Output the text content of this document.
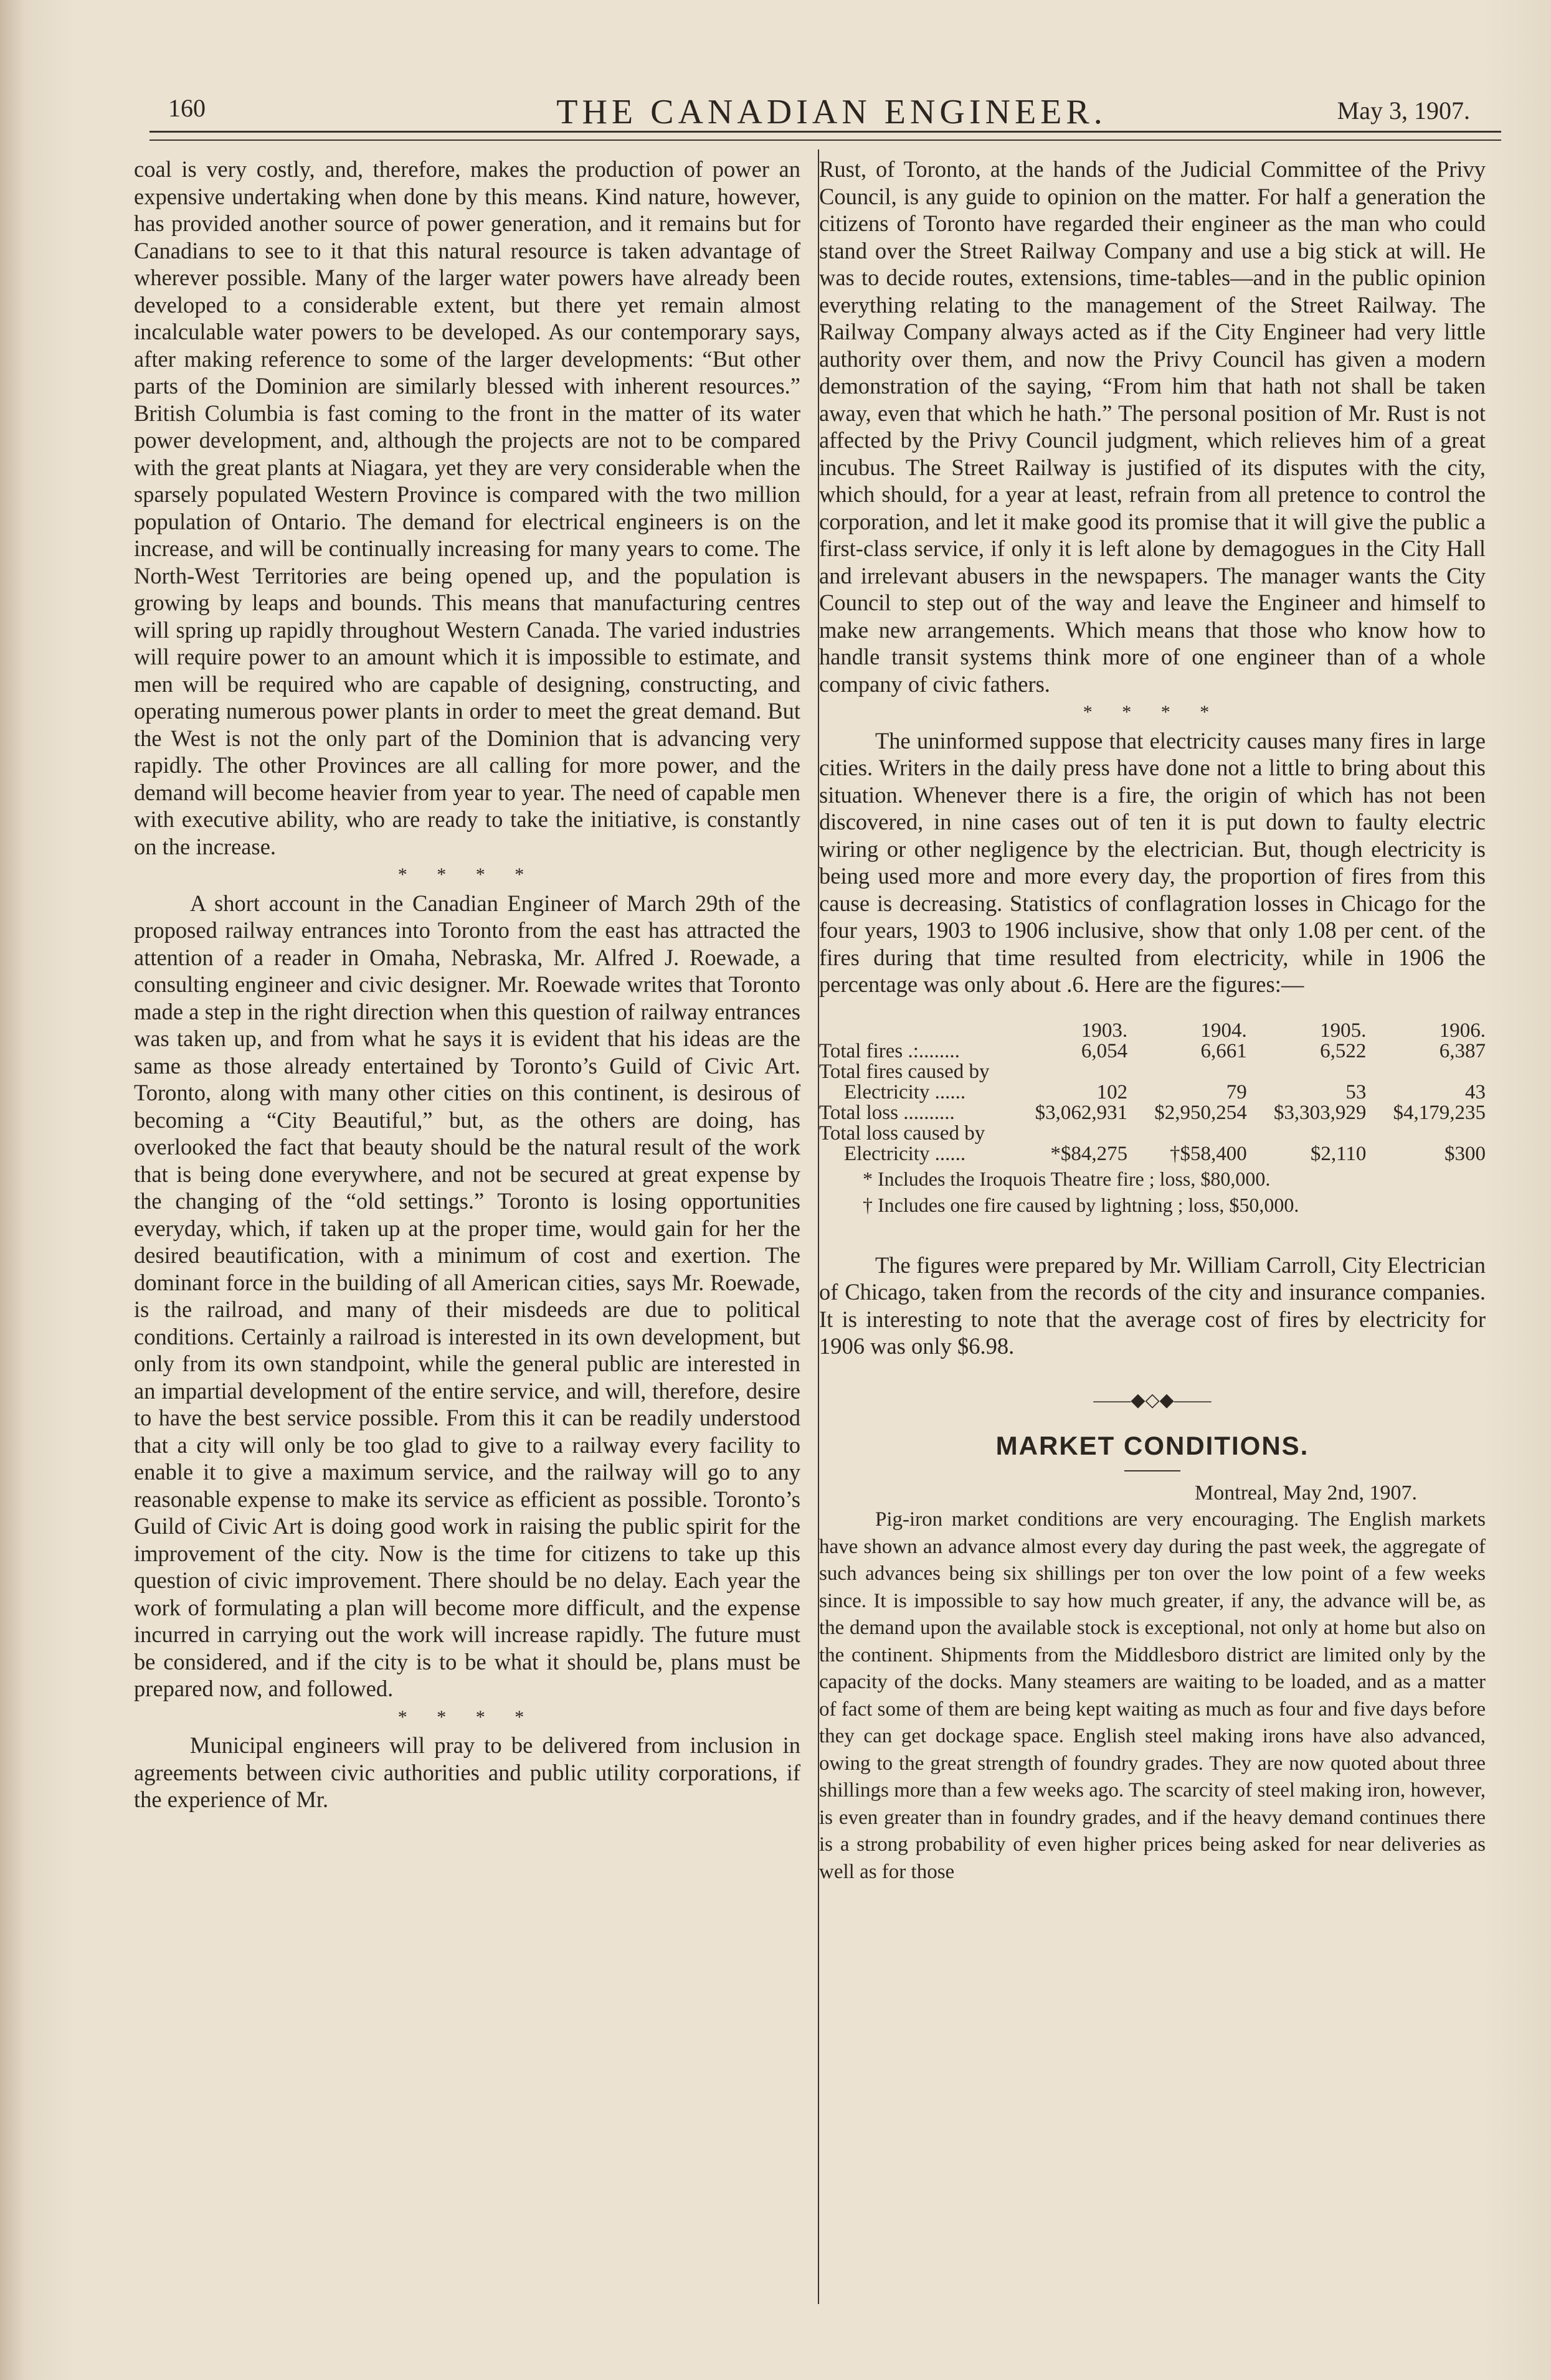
160	THE CANADIAN ENGINEER.	May 3, 1907.

coal is very costly, and, therefore, makes the production of power an expensive undertaking when done by this means. Kind nature, however, has provided another source of power generation, and it remains but for Canadians to see to it that this natural resource is taken advantage of wherever possible. Many of the larger water powers have already been developed to a considerable extent, but there yet remain almost incalculable water powers to be developed. As our contemporary says, after making reference to some of the larger developments: “But other parts of the Dominion are similarly blessed with inherent resources.” British Columbia is fast coming to the front in the matter of its water power development, and, although the projects are not to be compared with the great plants at Niagara, yet they are very considerable when the sparsely populated Western Province is compared with the two million population of Ontario. The demand for electrical engineers is on the increase, and will be continually increasing for many years to come. The North-West Territories are being opened up, and the population is growing by leaps and bounds. This means that manufacturing centres will spring up rapidly throughout Western Canada. The varied industries will require power to an amount which it is impossible to estimate, and men will be required who are capable of designing, constructing, and operating numerous power plants in order to meet the great demand. But the West is not the only part of the Dominion that is advancing very rapidly. The other Provinces are all calling for more power, and the demand will become heavier from year to year. The need of capable men with executive ability, who are ready to take the initiative, is constantly on the increase.

* * * *

A short account in the Canadian Engineer of March 29th of the proposed railway entrances into Toronto from the east has attracted the attention of a reader in Omaha, Nebraska, Mr. Alfred J. Roewade, a consulting engineer and civic designer. Mr. Roewade writes that Toronto made a step in the right direction when this question of railway entrances was taken up, and from what he says it is evident that his ideas are the same as those already entertained by Toronto’s Guild of Civic Art. Toronto, along with many other cities on this continent, is desirous of becoming a “City Beautiful,” but, as the others are doing, has overlooked the fact that beauty should be the natural result of the work that is being done everywhere, and not be secured at great expense by the changing of the “old settings.” Toronto is losing opportunities everyday, which, if taken up at the proper time, would gain for her the desired beautification, with a minimum of cost and exertion. The dominant force in the building of all American cities, says Mr. Roewade, is the railroad, and many of their misdeeds are due to political conditions. Certainly a railroad is interested in its own development, but only from its own standpoint, while the general public are interested in an impartial development of the entire service, and will, therefore, desire to have the best service possible. From this it can be readily understood that a city will only be too glad to give to a railway every facility to enable it to give a maximum service, and the railway will go to any reasonable expense to make its service as efficient as possible. Toronto’s Guild of Civic Art is doing good work in raising the public spirit for the improvement of the city. Now is the time for citizens to take up this question of civic improvement. There should be no delay. Each year the work of formulating a plan will become more difficult, and the expense incurred in carrying out the work will increase rapidly. The future must be considered, and if the city is to be what it should be, plans must be prepared now, and followed.

* * * *

Municipal engineers will pray to be delivered from inclusion in agreements between civic authorities and public utility corporations, if the experience of Mr.

Rust, of Toronto, at the hands of the Judicial Committee of the Privy Council, is any guide to opinion on the matter. For half a generation the citizens of Toronto have regarded their engineer as the man who could stand over the Street Railway Company and use a big stick at will. He was to decide routes, extensions, time-tables—and in the public opinion everything relating to the management of the Street Railway. The Railway Company always acted as if the City Engineer had very little authority over them, and now the Privy Council has given a modern demonstration of the saying, “From him that hath not shall be taken away, even that which he hath.” The personal position of Mr. Rust is not affected by the Privy Council judgment, which relieves him of a great incubus. The Street Railway is justified of its disputes with the city, which should, for a year at least, refrain from all pretence to control the corporation, and let it make good its promise that it will give the public a first-class service, if only it is left alone by demagogues in the City Hall and irrelevant abusers in the newspapers. The manager wants the City Council to step out of the way and leave the Engineer and himself to make new arrangements. Which means that those who know how to handle transit systems think more of one engineer than of a whole company of civic fathers.

* * * *

The uninformed suppose that electricity causes many fires in large cities. Writers in the daily press have done not a little to bring about this situation. Whenever there is a fire, the origin of which has not been discovered, in nine cases out of ten it is put down to faulty electric wiring or other negligence by the electrician. But, though electricity is being used more and more every day, the proportion of fires from this cause is decreasing. Statistics of conflagration losses in Chicago for the four years, 1903 to 1906 inclusive, show that only 1.08 per cent. of the fires during that time resulted from electricity, while in 1906 the percentage was only about .6. Here are the figures:—

	1903.	1904.	1905.	1906.
Total fires .:........	6,054	6,661	6,522	6,387
Total fires caused by				
Electricity ......	102	79	53	43
Total loss ..........	$3,062,931	$2,950,254	$3,303,929	$4,179,235
Total loss caused by				
Electricity ......	*$84,275	†$58,400	$2,110	$300
* Includes the Iroquois Theatre fire ; loss, $80,000.
† Includes one fire caused by lightning ; loss, $50,000.

The figures were prepared by Mr. William Carroll, City Electrician of Chicago, taken from the records of the city and insurance companies. It is interesting to note that the average cost of fires by electricity for 1906 was only $6.98.

——◆◇◆——
MARKET CONDITIONS.
Montreal, May 2nd, 1907.

Pig-iron market conditions are very encouraging. The English markets have shown an advance almost every day during the past week, the aggregate of such advances being six shillings per ton over the low point of a few weeks since. It is impossible to say how much greater, if any, the advance will be, as the demand upon the available stock is exceptional, not only at home but also on the continent. Shipments from the Middlesboro district are limited only by the capacity of the docks. Many steamers are waiting to be loaded, and as a matter of fact some of them are being kept waiting as much as four and five days before they can get dockage space. English steel making irons have also advanced, owing to the great strength of foundry grades. They are now quoted about three shillings more than a few weeks ago. The scarcity of steel making iron, however, is even greater than in foundry grades, and if the heavy demand continues there is a strong probability of even higher prices being asked for near deliveries as well as for those
